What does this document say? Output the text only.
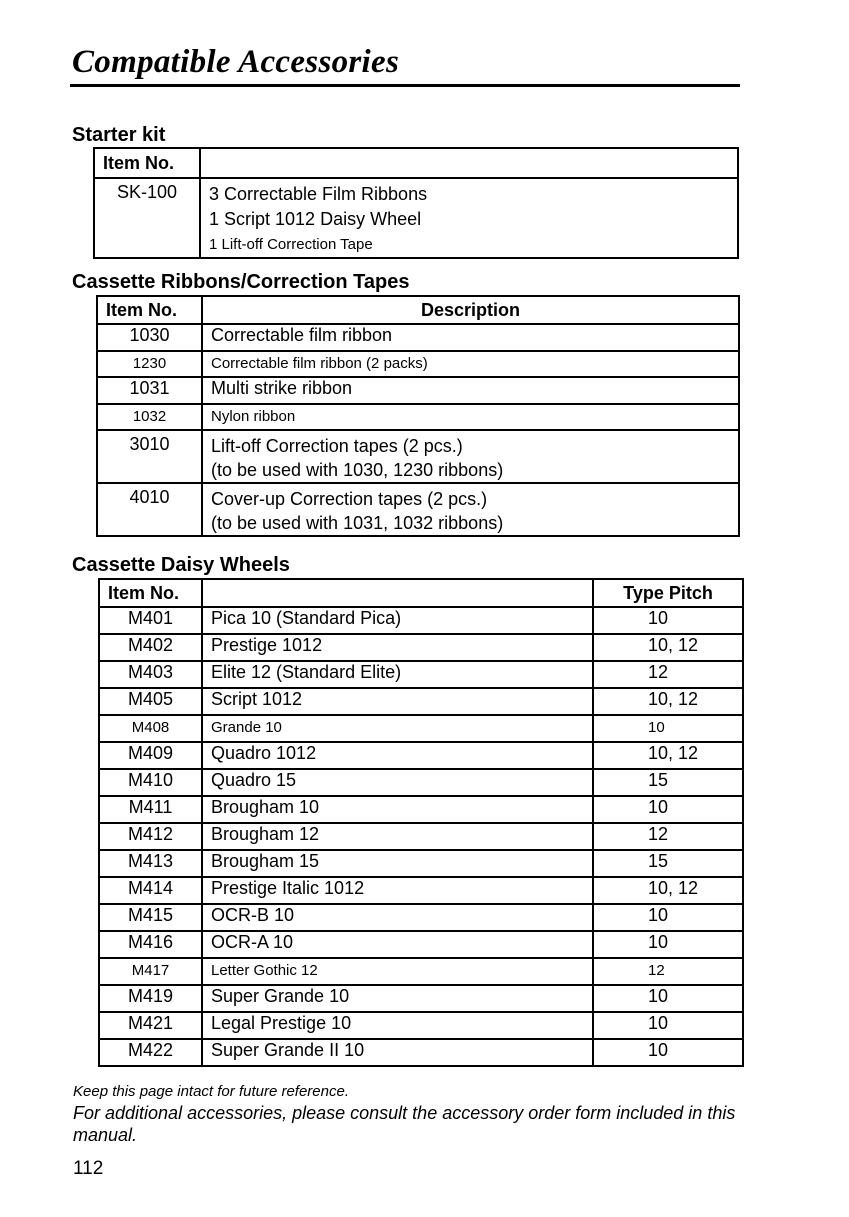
Compatible Accessories
Starter kit
Item No.	
SK-100	3 Correctable Film Ribbons
1 Script 1012 Daisy Wheel
1 Lift-off Correction Tape
Cassette Ribbons/Correction Tapes
Item No.	Description
1030	Correctable film ribbon
1230	Correctable film ribbon (2 packs)
1031	Multi strike ribbon
1032	Nylon ribbon
3010	Lift-off Correction tapes (2 pcs.)
(to be used with 1030, 1230 ribbons)

4010	Cover-up Correction tapes (2 pcs.)
(to be used with 1031, 1032 ribbons)
Cassette Daisy Wheels
Item No.		Type Pitch
M401	Pica 10 (Standard Pica)	10
M402	Prestige 1012	10, 12
M403	Elite 12 (Standard Elite)	12
M405	Script 1012	10, 12
M408	Grande 10	10
M409	Quadro 1012	10, 12
M410	Quadro 15	15
M411	Brougham 10	10
M412	Brougham 12	12
M413	Brougham 15	15
M414	Prestige Italic 1012	10, 12
M415	OCR-B 10	10
M416	OCR-A 10	10
M417	Letter Gothic 12	12
M419	Super Grande 10	10
M421	Legal Prestige 10	10
M422	Super Grande II 10	10

Keep this page intact for future reference.

For additional accessories, please consult the accessory order form included in this manual.

112
